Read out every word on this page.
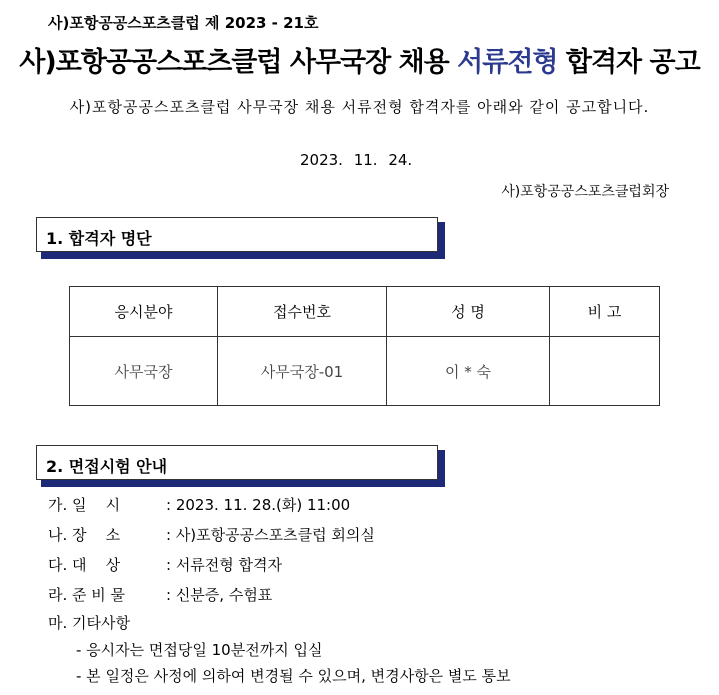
사)포항공공스포츠클럽 제 2023 - 21호
사)포항공공스포츠클럽 사무국장 채용 서류전형 합격자 공고
사)포항공공스포츠클럽 사무국장 채용 서류전형 합격자를 아래와 같이 공고합니다.
2023. 11. 24.
사)포항공공스포츠클럽회장
1. 합격자 명단
응시분야	접수번호	성 명	비 고
사무국장	사무국장-01	이 * 숙	
2. 면접시험 안내
가. 일    시	: 2023. 11. 28.(화) 11:00
나. 장    소	: 사)포항공공스포츠클럽 회의실
다. 대    상	: 서류전형 합격자
라. 준 비 물	: 신분증, 수험표
마. 기타사항
- 응시자는 면접당일 10분전까지 입실
- 본 일정은 사정에 의하여 변경될 수 있으며, 변경사항은 별도 통보
